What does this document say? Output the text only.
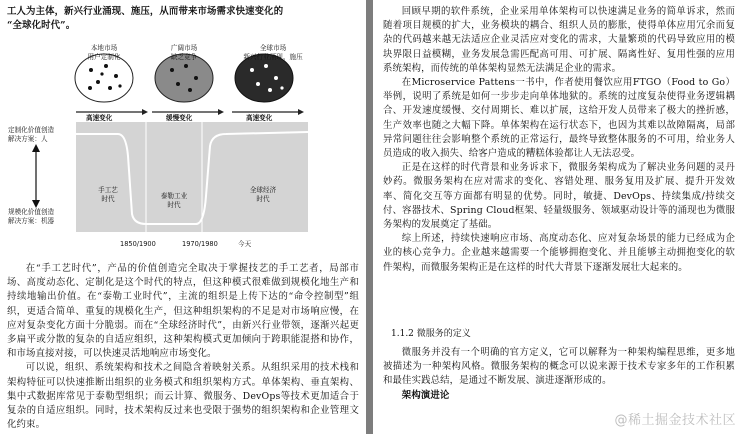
工人为主体，新兴行业涌现、施压，从而带来市场需求快速变化的

“全球化时代”。

本地市场
用户定制化
广阔市场
缺乏竞争
全球市场
新兴行业涌现、施压
高速变化	缓慢变化	高速变化
定制化价值创造
解决方案：人
规模化价值创造
解决方案：机器
手工艺
时代	泰勒工业
时代
全球经济
时代
1850/1900	1970/1980	今天

在“手工艺时代”，产品的价值创造完全取决于掌握技艺的手工艺者，局部市场、高度动态化、定制化是这个时代的特点，但这种模式很难做到规模化地生产和持续地输出价值。在“泰勒工业时代”，主流的组织是上传下达的“命令控制型”组织，更适合简单、重复的规模化生产，但这种组织架构的不足是对市场响应慢，在应对复杂变化方面十分脆弱。而在“全球经济时代”，由新兴行业带领，逐渐兴起更多扁平或分散的复杂的自适应组织，这种架构模式更加倾向于跨职能混搭和协作，和市场直接对接，可以快速灵活地响应市场变化。

可以说，组织、系统架构和技术之间隐含着映射关系。从组织采用的技术栈和架构特征可以快速推断出组织的业务模式和组织架构方式。单体架构、垂直架构、集中式数据库常见于泰勒型组织；而云计算、微服务、DevOps等技术更加适合于复杂的自适应组织。同时，技术架构反过来也受限于强势的组织架构和企业管理文化约束。

回顾早期的软件系统，企业采用单体架构可以快速满足业务的简单诉求，然而随着项目规模的扩大，业务模块的耦合、组织人员的膨胀，使得单体应用冗余而复杂的代码越来越无法适应企业灵活应对变化的需求，大量繁琐的代码导致应用的模块界限日益模糊，业务发展急需匹配高可用、可扩展、隔离性好、复用性强的应用系统架构，而传统的单体架构显然无法满足企业的需求。

在Microservice Pattens一书中，作者使用餐饮应用FTGO（Food to Go）举例，说明了系统是如何一步步走向单体地狱的。系统的过度复杂使得业务逻辑耦合、开发速度缓慢、交付周期长、难以扩展，这给开发人员带来了极大的挫折感，生产效率也随之大幅下降。单体架构在运行状态下，也因为其难以故障隔离，局部异常问题往往会影响整个系统的正常运行，最终导致整体服务的不可用，给业务人员造成的收入损失、给客户造成的糟糕体验都让人无法忍受。

正是在这样的时代背景和业务诉求下，微服务架构成为了解决业务问题的灵丹妙药。微服务架构在应对需求的变化、容错处理、服务复用及扩展、提升开发效率、简化交互等方面都有明显的优势。同时，敏捷、DevOps、持续集成/持续交付、容器技术、Spring Cloud框架、轻量级服务、领域驱动设计等的涌现也为微服务架构的发展奠定了基础。

综上所述，持续快速响应市场、高度动态化、应对复杂场景的能力已经成为企业的核心竞争力。企业越来越需要一个能够拥抱变化、并且能够主动拥抱变化的软件架构，而微服务架构正是在这样的时代大背景下逐渐发展壮大起来的。

1.1.2 微服务的定义

微服务并没有一个明确的官方定义，它可以解释为一种架构编程思维，更多地被描述为一种架构风格。微服务架构的概念可以说来源于技术专家多年的工作积累和最佳实践总结，是通过不断发展、演进逐渐形成的。

架构演进论

@稀土掘金技术社区
